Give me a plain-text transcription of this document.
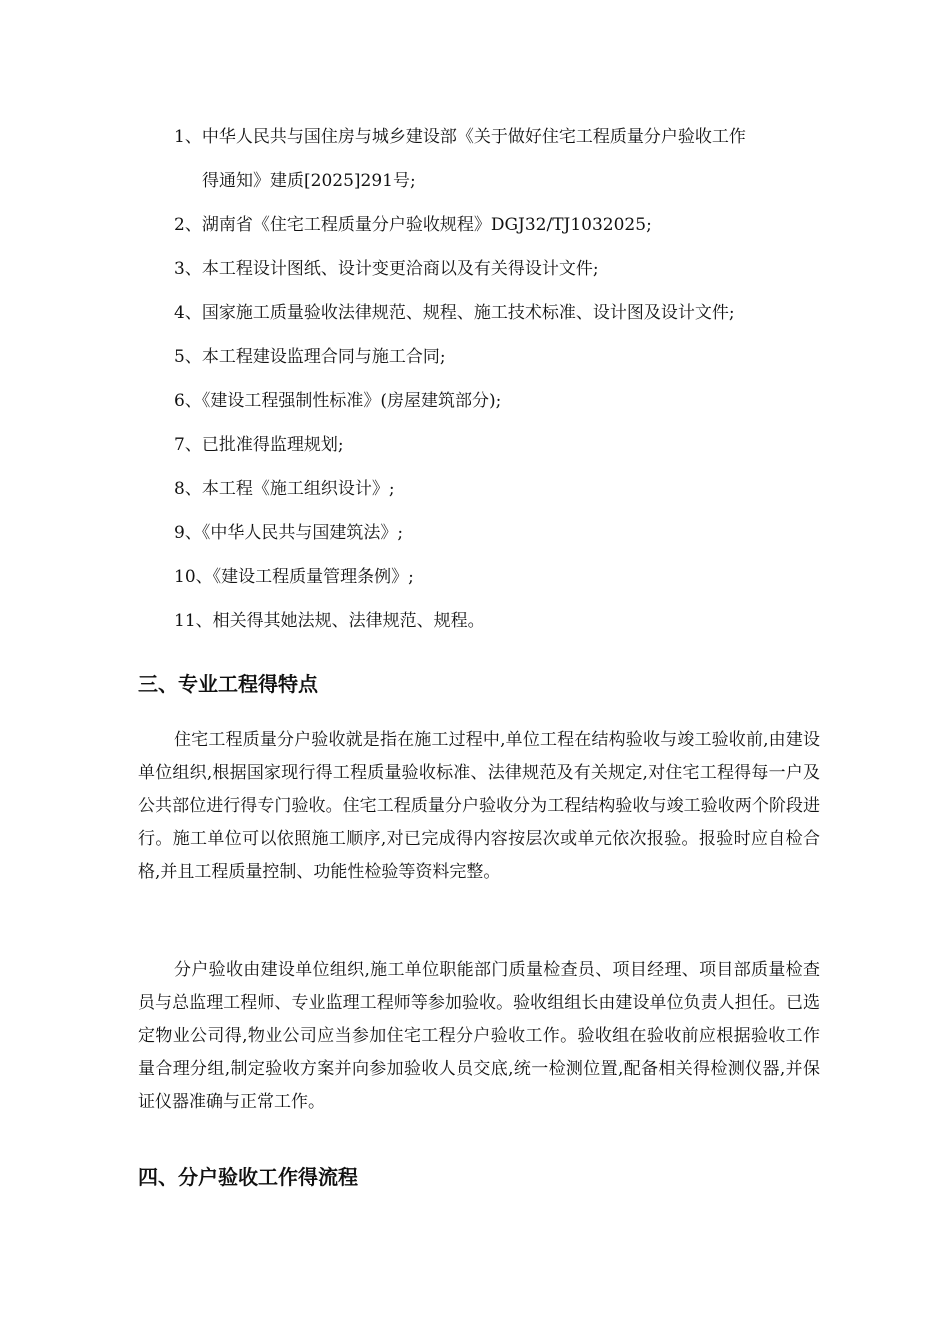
1、中华人民共与国住房与城乡建设部《关于做好住宅工程质量分户验收工作
得通知》建质[2025]291号;
2、湖南省《住宅工程质量分户验收规程》DGJ32/TJ1032025;
3、本工程设计图纸、设计变更洽商以及有关得设计文件;
4、国家施工质量验收法律规范、规程、施工技术标准、设计图及设计文件;
5、本工程建设监理合同与施工合同;
6、《建设工程强制性标准》(房屋建筑部分);
7、已批准得监理规划;
8、本工程《施工组织设计》;
9、《中华人民共与国建筑法》;
10、《建设工程质量管理条例》;
11、相关得其她法规、法律规范、规程。
三、专业工程得特点

住宅工程质量分户验收就是指在施工过程中,单位工程在结构验收与竣工验收前,由建设单位组织,根据国家现行得工程质量验收标准、法律规范及有关规定,对住宅工程得每一户及公共部位进行得专门验收。住宅工程质量分户验收分为工程结构验收与竣工验收两个阶段进行。施工单位可以依照施工顺序,对已完成得内容按层次或单元依次报验。报验时应自检合格,并且工程质量控制、功能性检验等资料完整。

分户验收由建设单位组织,施工单位职能部门质量检查员、项目经理、项目部质量检查员与总监理工程师、专业监理工程师等参加验收。验收组组长由建设单位负责人担任。已选定物业公司得,物业公司应当参加住宅工程分户验收工作。验收组在验收前应根据验收工作量合理分组,制定验收方案并向参加验收人员交底,统一检测位置,配备相关得检测仪器,并保证仪器准确与正常工作。

四、分户验收工作得流程
